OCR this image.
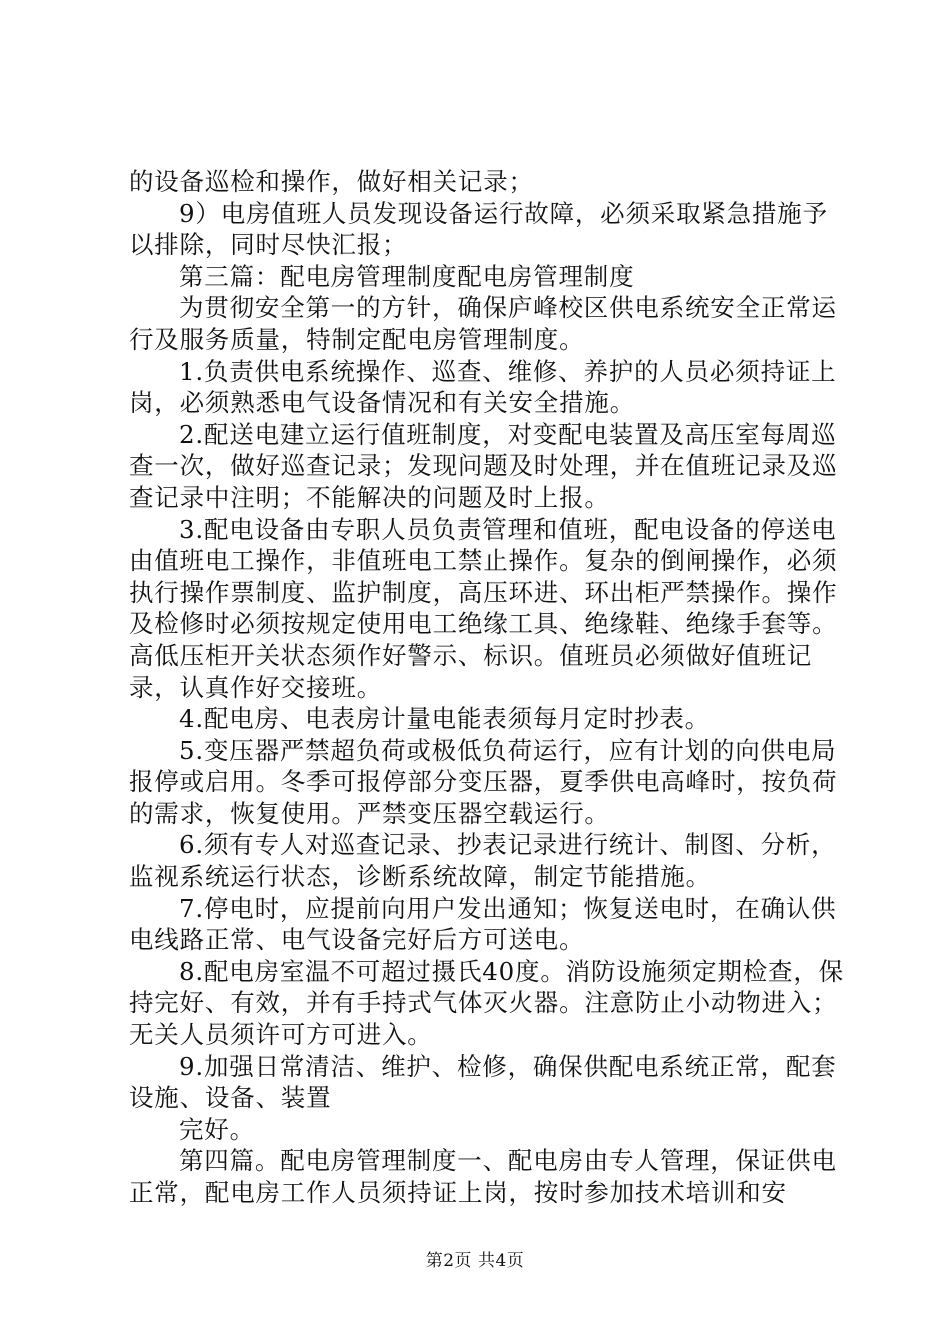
的设备巡检和操作，做好相关记录；

9）电房值班人员发现设备运行故障，必须采取紧急措施予以排除，同时尽快汇报；

第三篇：配电房管理制度配电房管理制度

为贯彻安全第一的方针，确保庐峰校区供电系统安全正常运行及服务质量，特制定配电房管理制度。

1.负责供电系统操作、巡查、维修、养护的人员必须持证上岗，必须熟悉电气设备情况和有关安全措施。

2.配送电建立运行值班制度，对变配电装置及高压室每周巡查一次，做好巡查记录；发现问题及时处理，并在值班记录及巡查记录中注明；不能解决的问题及时上报。

3.配电设备由专职人员负责管理和值班，配电设备的停送电由值班电工操作，非值班电工禁止操作。复杂的倒闸操作，必须执行操作票制度、监护制度，高压环进、环出柜严禁操作。操作及检修时必须按规定使用电工绝缘工具、绝缘鞋、绝缘手套等。高低压柜开关状态须作好警示、标识。值班员必须做好值班记录，认真作好交接班。

4.配电房、电表房计量电能表须每月定时抄表。

5.变压器严禁超负荷或极低负荷运行，应有计划的向供电局报停或启用。冬季可报停部分变压器，夏季供电高峰时，按负荷的需求，恢复使用。严禁变压器空载运行。

6.须有专人对巡查记录、抄表记录进行统计、制图、分析，监视系统运行状态，诊断系统故障，制定节能措施。

7.停电时，应提前向用户发出通知；恢复送电时，在确认供电线路正常、电气设备完好后方可送电。

8.配电房室温不可超过摄氏40度。消防设施须定期检查，保持完好、有效，并有手持式气体灭火器。注意防止小动物进入；无关人员须许可方可进入。

9.加强日常清洁、维护、检修，确保供配电系统正常，配套设施、设备、装置

完好。

第四篇。配电房管理制度一、配电房由专人管理，保证供电正常，配电房工作人员须持证上岗，按时参加技术培训和安

第2页 共4页
